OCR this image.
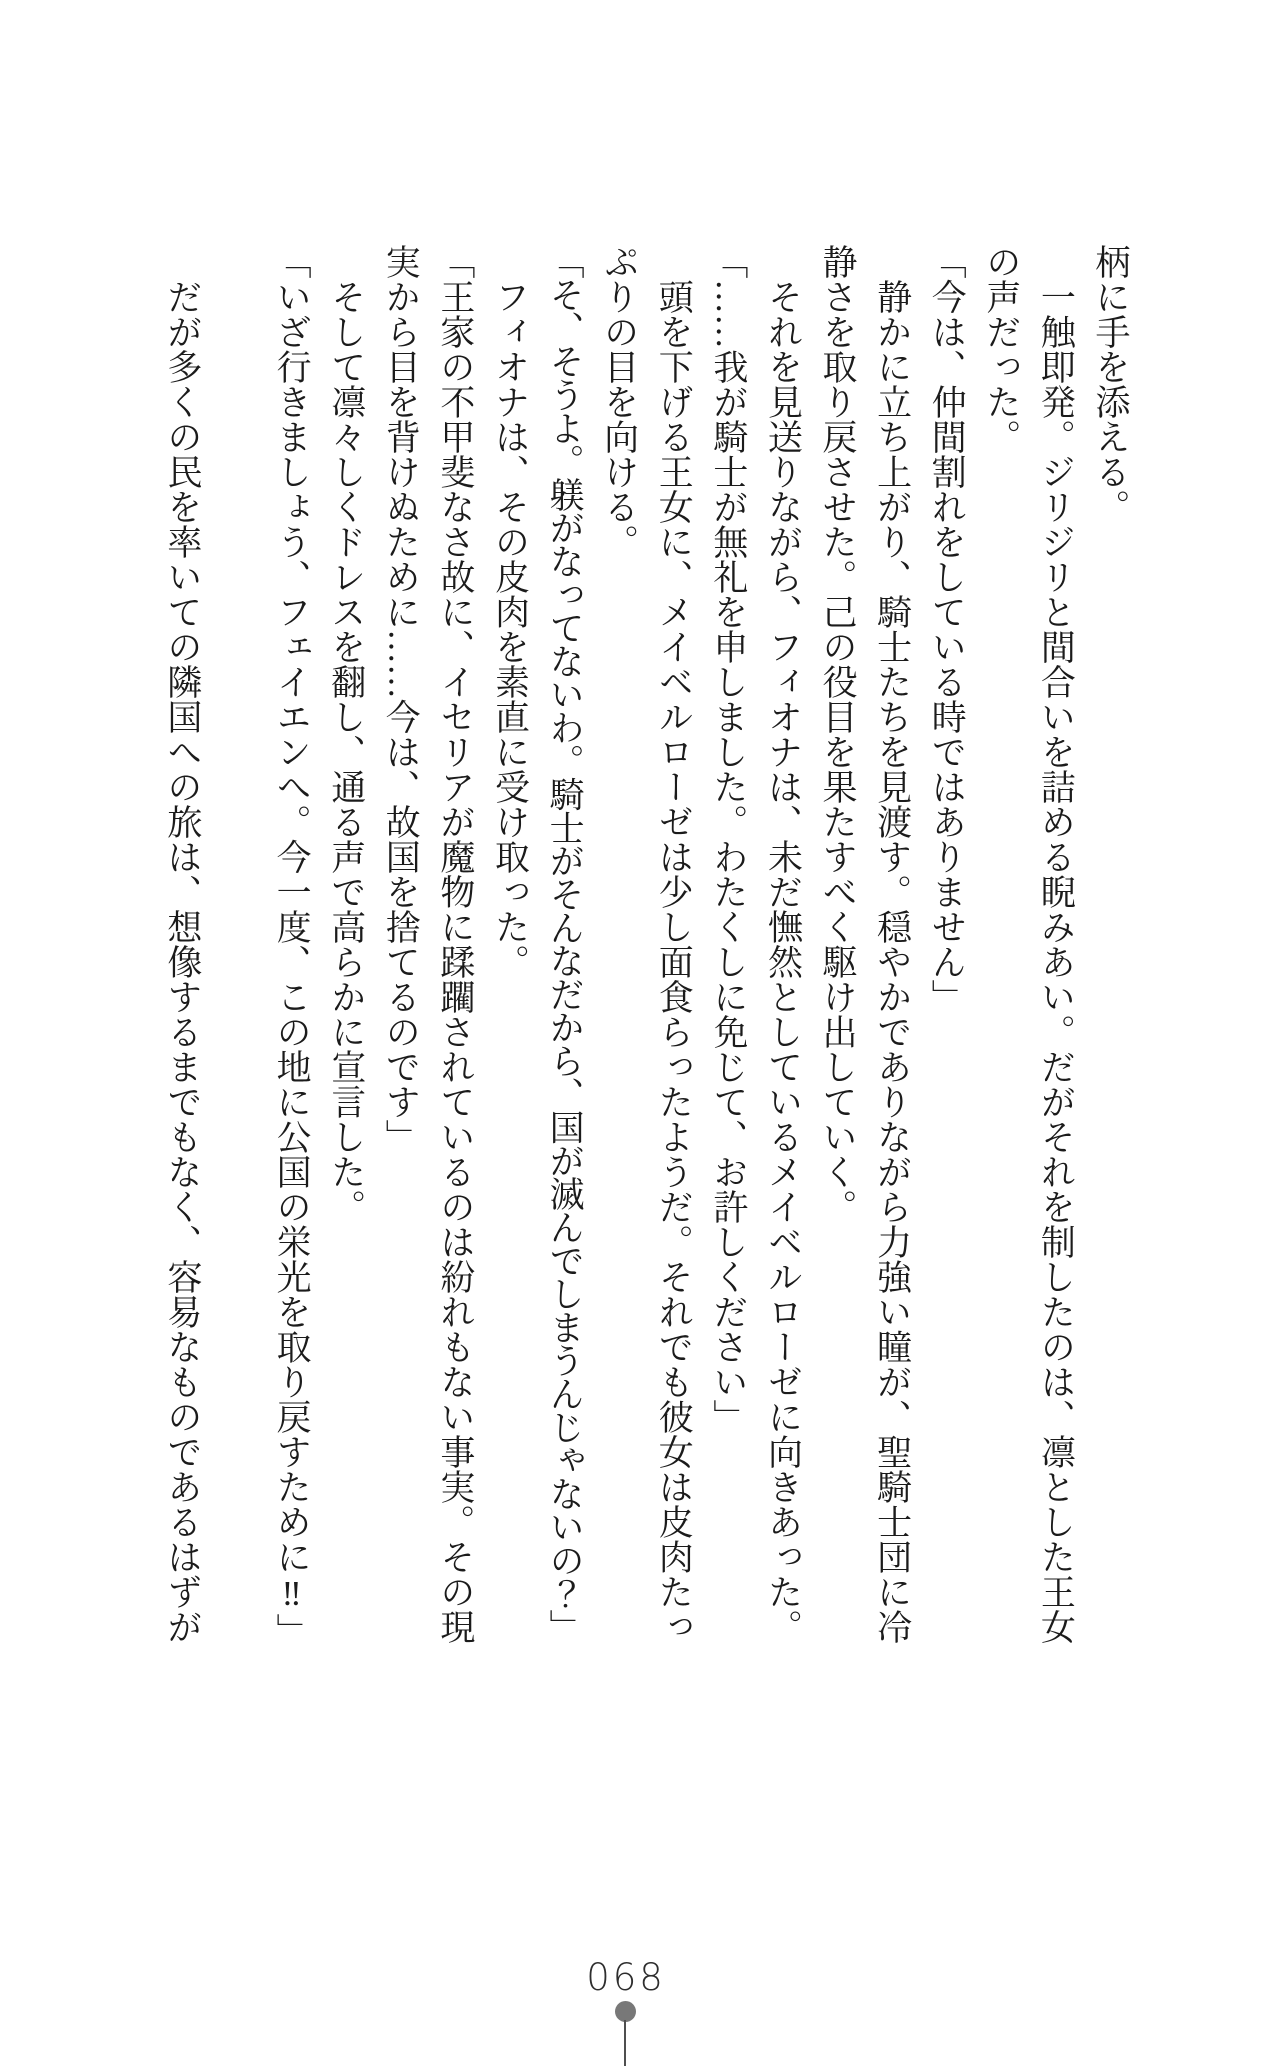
柄に手を添える。

一触即発。ジリジリと間合いを詰める睨みあい。だがそれを制したのは、凛とした王女

の声だった。

「今は、仲間割れをしている時ではありません」

静かに立ち上がり、騎士たちを見渡す。穏やかでありながら力強い瞳が、聖騎士団に冷

静さを取り戻させた。己の役目を果たすべく駆け出していく。

それを見送りながら、フィオナは、未だ憮然としているメイベルローゼに向きあった。

「……我が騎士が無礼を申しました。わたくしに免じて、お許しください」

頭を下げる王女に、メイベルローゼは少し面食らったようだ。それでも彼女は皮肉たっ

ぷりの目を向ける。

「そ、そうよ。躾がなってないわ。騎士がそんなだから、国が滅んでしまうんじゃないの？」

フィオナは、その皮肉を素直に受け取った。

「王家の不甲斐なさ故に、イセリアが魔物に蹂躙されているのは紛れもない事実。その現

実から目を背けぬために……今は、故国を捨てるのです」

そして凛々しくドレスを翻し、通る声で高らかに宣言した。

「いざ行きましょう、フェイエンへ。今一度、この地に公国の栄光を取り戻すために‼」

だが多くの民を率いての隣国への旅は、想像するまでもなく、容易なものであるはずが

068
